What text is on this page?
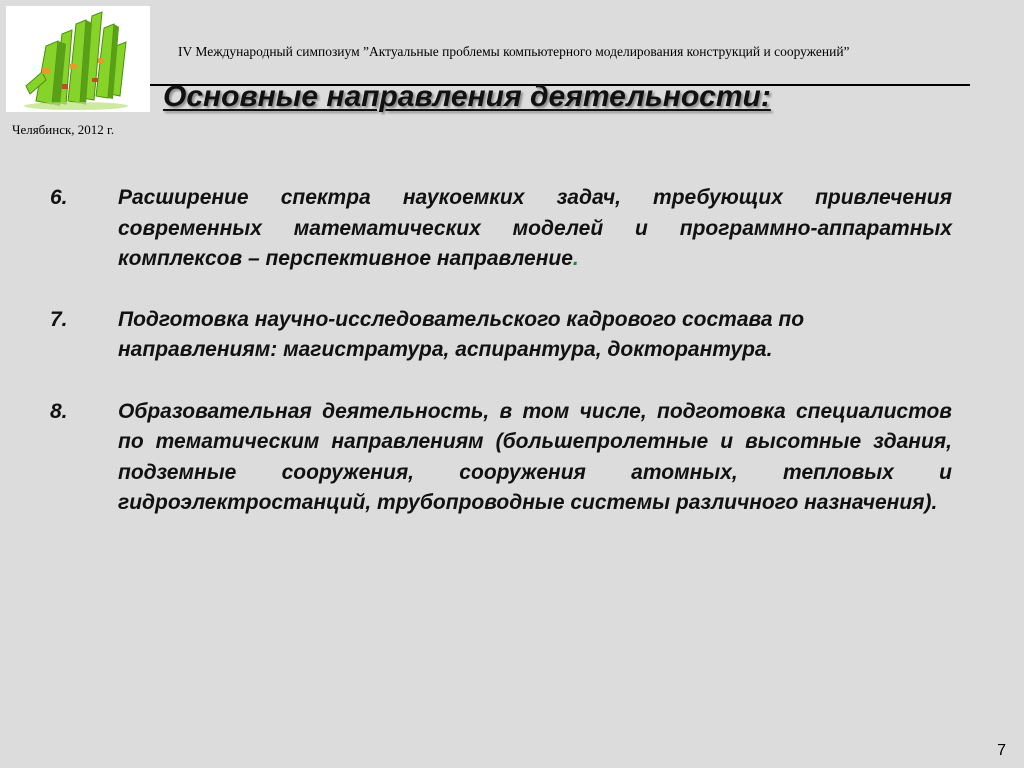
IV Международный симпозиум ”Актуальные проблемы компьютерного моделирования конструкций и сооружений”
Челябинск, 2012 г.
Основные направления деятельности:
6. Расширение спектра наукоемких задач, требующих привлечения современных математических моделей и программно-аппаратных комплексов – перспективное направление.
7. Подготовка научно-исследовательского кадрового состава по направлениям: магистратура, аспирантура, докторантура.
8. Образовательная деятельность, в том числе, подготовка специалистов по тематическим направлениям (большепролетные и высотные здания, подземные сооружения, сооружения атомных, тепловых и гидроэлектростанций, трубопроводные системы различного назначения).
7
